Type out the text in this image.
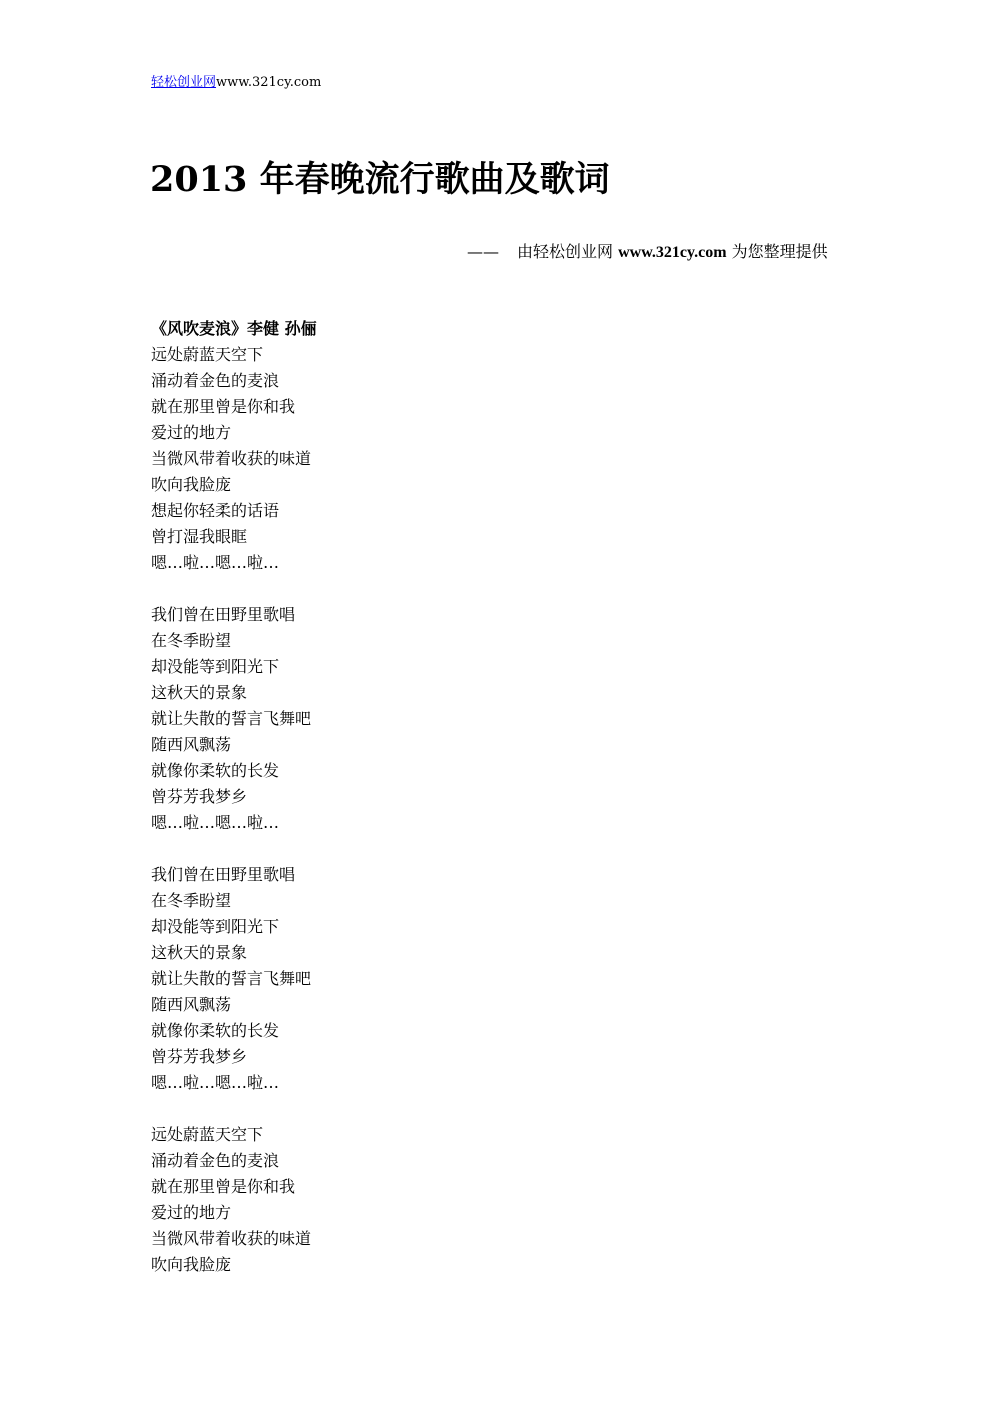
轻松创业网www.321cy.com
2013 年春晚流行歌曲及歌词
—— 由轻松创业网 www.321cy.com 为您整理提供
《风吹麦浪》李健 孙俪
远处蔚蓝天空下
涌动着金色的麦浪
就在那里曾是你和我
爱过的地方
当微风带着收获的味道
吹向我脸庞
想起你轻柔的话语
曾打湿我眼眶
嗯…啦…嗯…啦…
我们曾在田野里歌唱
在冬季盼望
却没能等到阳光下
这秋天的景象
就让失散的誓言飞舞吧
随西风飘荡
就像你柔软的长发
曾芬芳我梦乡
嗯…啦…嗯…啦…
我们曾在田野里歌唱
在冬季盼望
却没能等到阳光下
这秋天的景象
就让失散的誓言飞舞吧
随西风飘荡
就像你柔软的长发
曾芬芳我梦乡
嗯…啦…嗯…啦…
远处蔚蓝天空下
涌动着金色的麦浪
就在那里曾是你和我
爱过的地方
当微风带着收获的味道
吹向我脸庞
